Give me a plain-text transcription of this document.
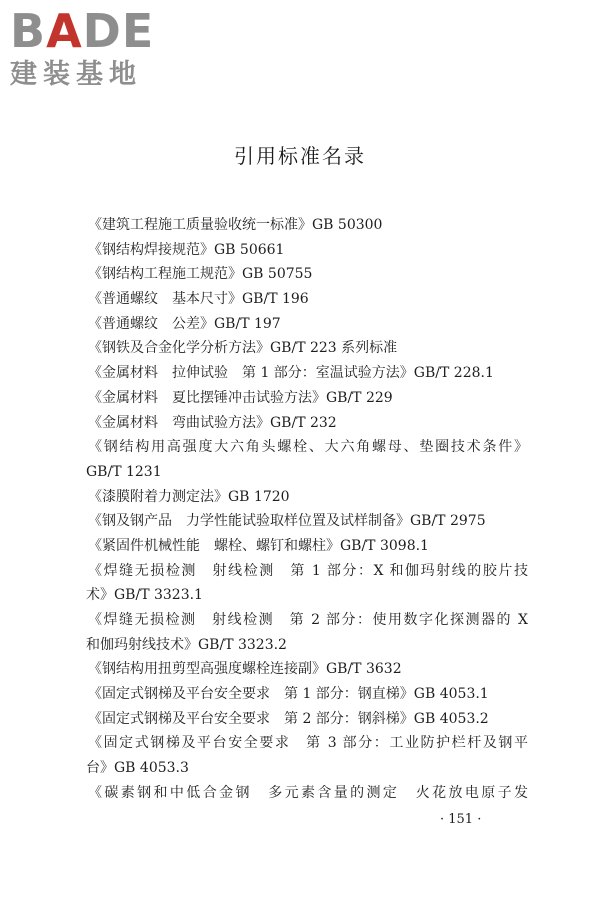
BADE
建装基地
引用标准名录
《建筑工程施工质量验收统一标准》GB 50300
《钢结构焊接规范》GB 50661
《钢结构工程施工规范》GB 50755
《普通螺纹　基本尺寸》GB/T 196
《普通螺纹　公差》GB/T 197
《钢铁及合金化学分析方法》GB/T 223 系列标准
《金属材料　拉伸试验　第 1 部分：室温试验方法》GB/T 228.1
《金属材料　夏比摆锤冲击试验方法》GB/T 229
《金属材料　弯曲试验方法》GB/T 232
《钢结构用高强度大六角头螺栓、大六角螺母、垫圈技术条件》
GB/T 1231
《漆膜附着力测定法》GB 1720
《钢及钢产品　力学性能试验取样位置及试样制备》GB/T 2975
《紧固件机械性能　螺栓、螺钉和螺柱》GB/T 3098.1
《焊缝无损检测　射线检测　第 1 部分：X 和伽玛射线的胶片技
术》GB/T 3323.1
《焊缝无损检测　射线检测　第 2 部分：使用数字化探测器的 X
和伽玛射线技术》GB/T 3323.2
《钢结构用扭剪型高强度螺栓连接副》GB/T 3632
《固定式钢梯及平台安全要求　第 1 部分：钢直梯》GB 4053.1
《固定式钢梯及平台安全要求　第 2 部分：钢斜梯》GB 4053.2
《固定式钢梯及平台安全要求　第 3 部分：工业防护栏杆及钢平
台》GB 4053.3
《碳素钢和中低合金钢　多元素含量的测定　火花放电原子发
· 151 ·
